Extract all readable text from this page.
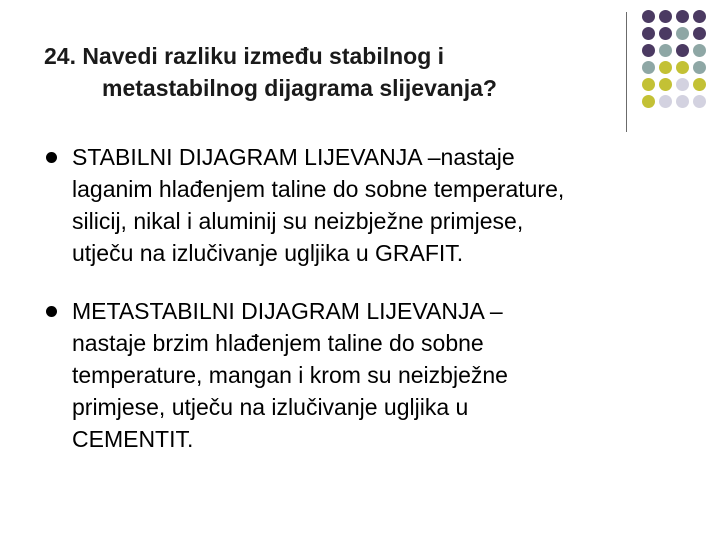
24. Navedi razliku između stabilnog i
metastabilnog dijagrama slijevanja?
STABILNI DIJAGRAM LIJEVANJA –nastaje
laganim hlađenjem taline do sobne temperature,
silicij, nikal i aluminij su neizbježne primjese,
utječu na izlučivanje ugljika u GRAFIT.
METASTABILNI DIJAGRAM LIJEVANJA –
nastaje brzim hlađenjem taline do sobne
temperature, mangan i krom su neizbježne
primjese, utječu na izlučivanje ugljika u
CEMENTIT.
